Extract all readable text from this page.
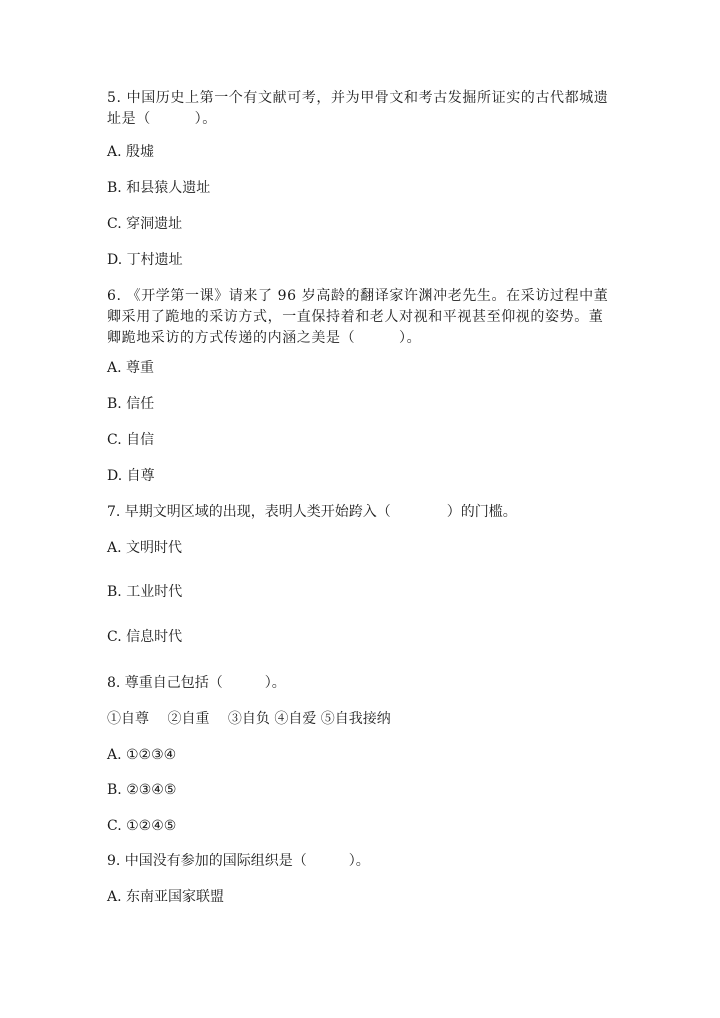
5. 中国历史上第一个有文献可考，并为甲骨文和考古发掘所证实的古代都城遗址是（　　　）。
A. 殷墟
B. 和县猿人遗址
C. 穿洞遗址
D. 丁村遗址
6. 《开学第一课》请来了 96 岁高龄的翻译家许渊冲老先生。在采访过程中董卿采用了跪地的采访方式，一直保持着和老人对视和平视甚至仰视的姿势。董卿跪地采访的方式传递的内涵之美是（　　　）。
A. 尊重
B. 信任
C. 自信
D. 自尊
7. 早期文明区域的出现，表明人类开始跨入（　　　　）的门槛。
A. 文明时代
B. 工业时代
C. 信息时代
8. 尊重自己包括（　　　）。
①自尊　 ②自重　 ③自负 ④自爱 ⑤自我接纳
A. ①②③④
B. ②③④⑤
C. ①②④⑤
9. 中国没有参加的国际组织是（　　　）。
A. 东南亚国家联盟
